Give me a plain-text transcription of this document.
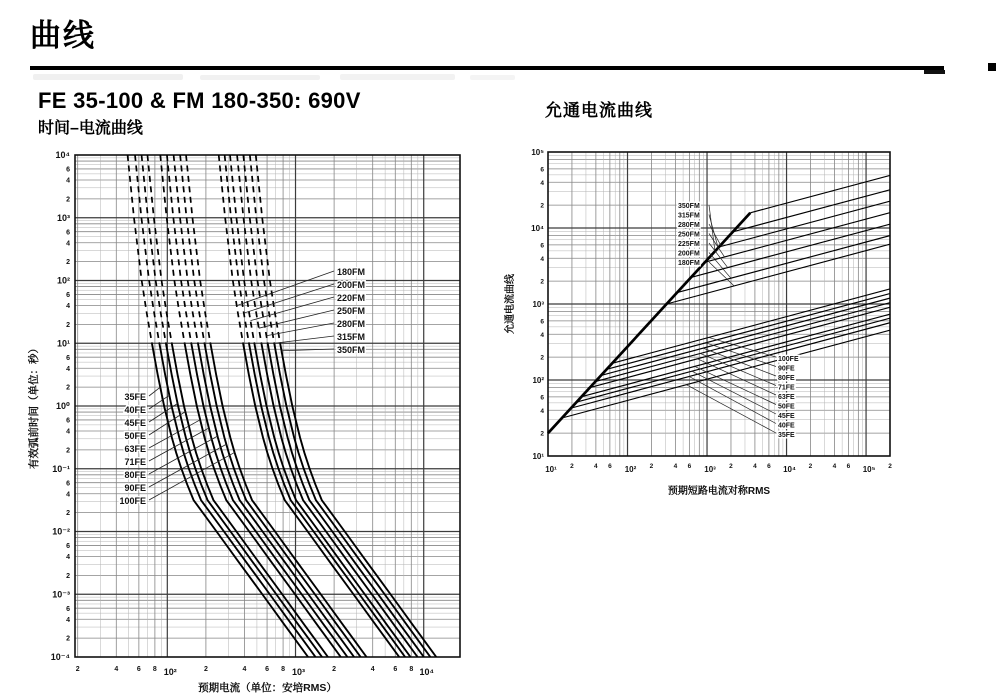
曲线
FE 35-100 & FM 180-350: 690V
时间–电流曲线
允通电流曲线
180FM
200FM
220FM
250FM
280FM
315FM
350FM
35FE
40FE
45FE
50FE
63FE
71FE
80FE
90FE
100FE
10⁴
10³
10²
10¹
10⁰
10⁻¹
10⁻²
10⁻³
10⁻⁴
2
4
6
2
4
6
2
4
6
2
4
6
2
4
6
2
4
6
2
4
6
2
4
6
10²	10³	10⁴
2	4	6 8	2	4	6 8	2	4	6 8
预期电流（单位：安培RMS）
有效弧前时间（单位：秒）
350FM
315FM
280FM
250FM
225FM
200FM
180FM
100FE
90FE
80FE
71FE
63FE
50FE
45FE
40FE
35FE
10⁵
10⁴
10³
10²
10¹
2
4
6
2
4
6
2
4
6
2
4
6
10¹	10²	10³	10⁴	10⁵
2	4 6	2	4 6	2	4 6	2	4 6	2
预期短路电流对称RMS
允通电流曲线
